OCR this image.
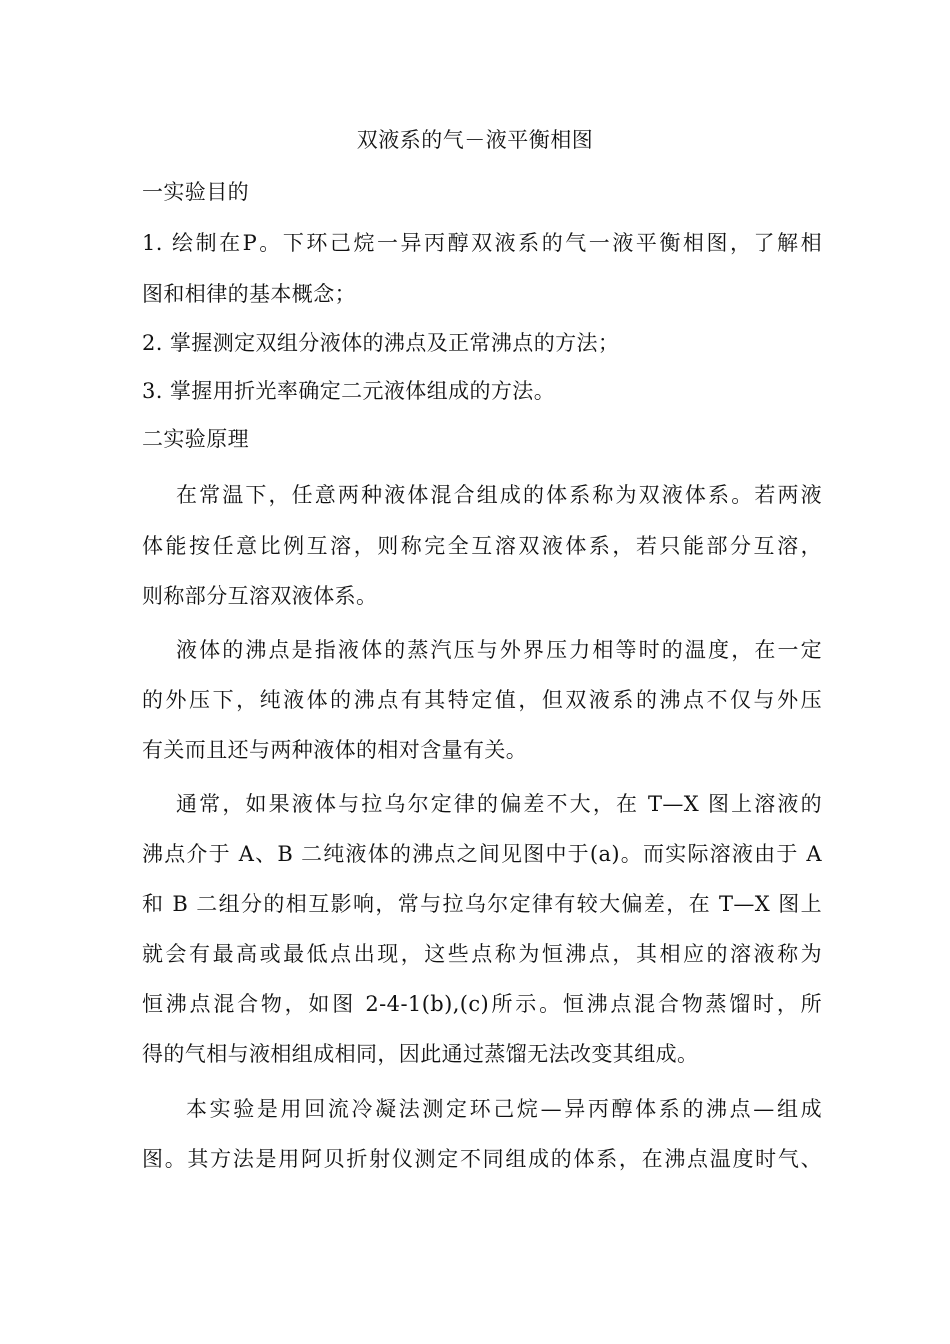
双液系的气－液平衡相图
一实验目的
1. 绘制在P。下环己烷一异丙醇双液系的气一液平衡相图，了解相
图和相律的基本概念；
2. 掌握测定双组分液体的沸点及正常沸点的方法；
3. 掌握用折光率确定二元液体组成的方法。
二实验原理
在常温下，任意两种液体混合组成的体系称为双液体系。若两液
体能按任意比例互溶，则称完全互溶双液体系，若只能部分互溶，
则称部分互溶双液体系。
液体的沸点是指液体的蒸汽压与外界压力相等时的温度，在一定
的外压下，纯液体的沸点有其特定值，但双液系的沸点不仅与外压
有关而且还与两种液体的相对含量有关。
通常，如果液体与拉乌尔定律的偏差不大，在 T—X 图上溶液的
沸点介于 A、B 二纯液体的沸点之间见图中于(a)。而实际溶液由于 A
和 B 二组分的相互影响，常与拉乌尔定律有较大偏差，在 T—X 图上
就会有最高或最低点出现，这些点称为恒沸点，其相应的溶液称为
恒沸点混合物，如图 2-4-1(b),(c)所示。恒沸点混合物蒸馏时，所
得的气相与液相组成相同，因此通过蒸馏无法改变其组成。
本实验是用回流冷凝法测定环己烷—异丙醇体系的沸点—组成
图。其方法是用阿贝折射仪测定不同组成的体系，在沸点温度时气、
